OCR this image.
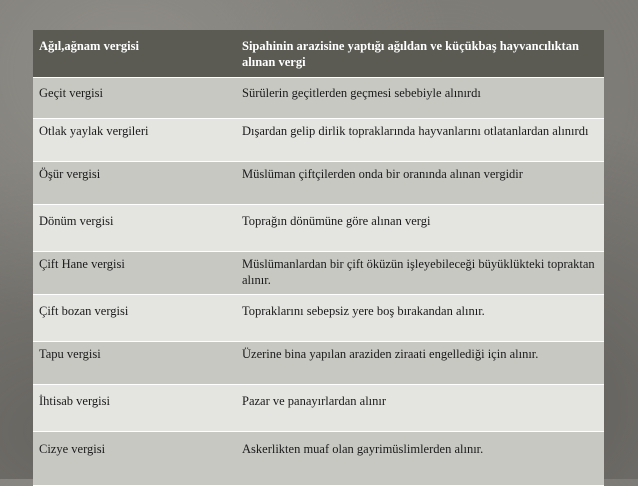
Ağıl,ağnam vergisi	Sipahinin arazisine yaptığı ağıldan ve küçükbaş hayvancılıktan alınan vergi
Geçit vergisi	Sürülerin geçitlerden geçmesi sebebiyle alınırdı
Otlak yaylak vergileri	Dışardan gelip dirlik topraklarında hayvanlarını otlatanlardan alınırdı
Öşür vergisi	Müslüman çiftçilerden onda bir oranında alınan vergidir
Dönüm vergisi	Toprağın dönümüne göre alınan vergi
Çift Hane vergisi	Müslümanlardan bir çift öküzün işleyebileceği büyüklükteki topraktan alınır.
Çift bozan vergisi	Topraklarını sebepsiz yere boş bırakandan alınır.
Tapu vergisi	Üzerine bina yapılan araziden ziraati engellediği için alınır.
İhtisab vergisi	Pazar ve panayırlardan alınır
Cizye vergisi	Askerlikten muaf olan gayrimüslimlerden alınır.
